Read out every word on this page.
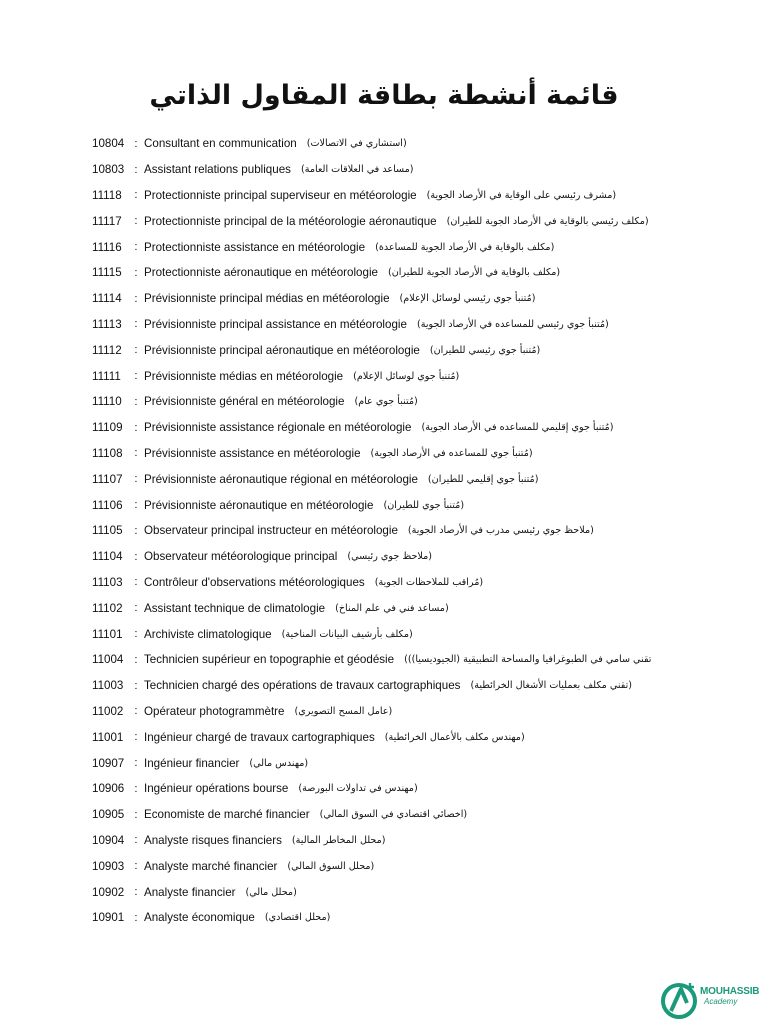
قائمة أنشطة بطاقة المقاول الذاتي
10804 : Consultant en communication (استشاري في الاتصالات)
10803 : Assistant relations publiques (مساعد في العلاقات العامة)
11118	: Protectionniste principal superviseur en météorologie (مشرف رئيسي على الوقاية في الأرصاد الجوية)
11117	: Protectionniste principal de la météorologie aéronautique (مكلف رئيسي بالوقاية في الأرصاد الجوية للطيران)
11116	: Protectionniste assistance en météorologie (مكلف بالوقاية في الأرصاد الجوية للمساعدة)
11115	: Protectionniste aéronautique en météorologie (مكلف بالوقاية في الأرصاد الجوية للطيران)
11114	: Prévisionniste principal médias en météorologie (مُتنبأ جوي رئيسي لوسائل الإعلام)
11113	: Prévisionniste principal assistance en météorologie (مُتنبأ جوي رئيسي للمساعده في الأرصاد الجوية)
11112	: Prévisionniste principal aéronautique en météorologie (مُتنبأ جوي رئيسي للطيران)
11111	: Prévisionniste médias en météorologie (مُتنبأ جوي لوسائل الإعلام)
11110	: Prévisionniste général en météorologie (مُتنبأ جوي عام)
11109	: Prévisionniste assistance régionale en météorologie (مُتنبأ جوي إقليمي للمساعده في الأرصاد الجوية)
11108	: Prévisionniste assistance en météorologie (مُتنبأ جوي للمساعده في الأرصاد الجوية)
11107	: Prévisionniste aéronautique régional en météorologie (مُتنبأ جوي إقليمي للطيران)
11106	: Prévisionniste aéronautique en météorologie (مُتنبأ جوي للطيران)
11105	: Observateur principal instructeur en météorologie (ملاحظ جوي رئيسي مدرب في الأرصاد الجوية)
11104	: Observateur météorologique principal (ملاحظ جوي رئيسي)
11103	: Contrôleur d'observations météorologiques (مُراقب للملاحظات الجوية)
11102	: Assistant technique de climatologie (مساعد فني في علم المناخ)
11101	: Archiviste climatologique (مكلف بأرشيف البيانات المناخية)
11004 : Technicien supérieur en topographie et géodésie ((تقني سامي في الطبوغرافيا والمساحة التطبيقية (الجيوديسيا)
11003 : Technicien chargé des opérations de travaux cartographiques (تقني مكلف بعمليات الأشغال الخرائطية)
11002 : Opérateur photogrammètre (عامل المسح التصويري)
11001 : Ingénieur chargé de travaux cartographiques (مهندس مكلف بالأعمال الخرائطية)
10907 : Ingénieur financier (مهندس مالي)
10906 : Ingénieur opérations bourse (مهندس في تداولات البورصة)
10905 : Economiste de marché financier (اخصائي اقتصادي في السوق المالي)
10904 : Analyste risques financiers (محلل المخاطر المالية)
10903 : Analyste marché financier (محلل السوق المالي)
10902 : Analyste financier (محلل مالي)
10901 : Analyste économique (محلل اقتصادي)
MOUHASSIB
Academy
